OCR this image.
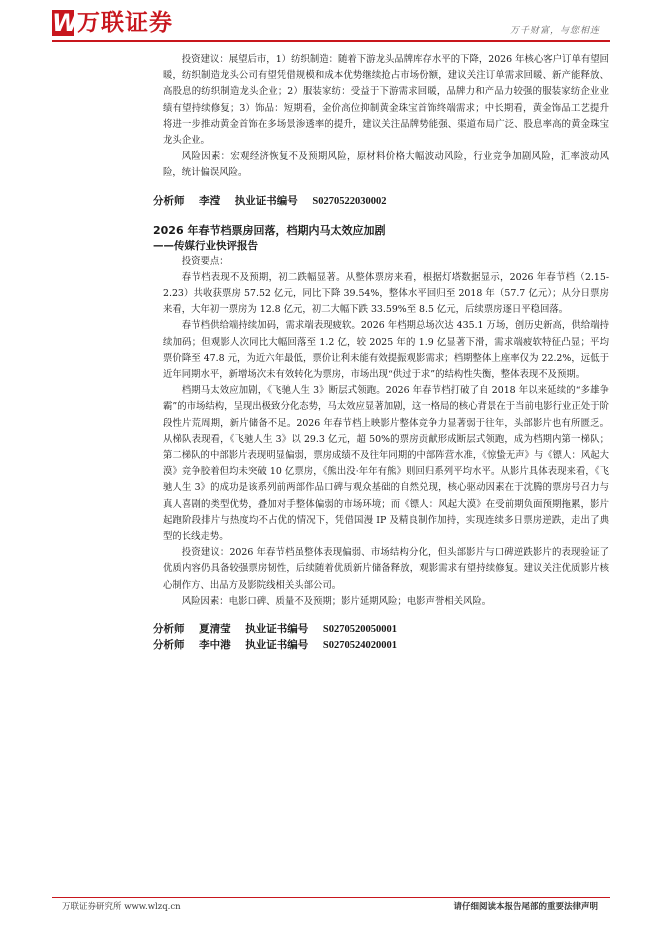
W
万联证券	万千财富，与您相连

投资建议：展望后市，1）纺织制造：随着下游龙头品牌库存水平的下降，2026 年核心客户订单有望回暖，纺织制造龙头公司有望凭借规模和成本优势继续抢占市场份额，建议关注订单需求回暖、新产能释放、高股息的纺织制造龙头企业；2）服装家纺：受益于下游需求回暖，品牌力和产品力较强的服装家纺企业业绩有望持续修复；3）饰品：短期看，金价高位抑制黄金珠宝首饰终端需求；中长期看，黄金饰品工艺提升将进一步推动黄金首饰在多场景渗透率的提升，建议关注品牌势能强、渠道布局广泛、股息率高的黄金珠宝龙头企业。

风险因素：宏观经济恢复不及预期风险，原材料价格大幅波动风险，行业竞争加剧风险，汇率波动风险，统计偏误风险。

分析师 李滢 执业证书编号 S0270522030002

2026 年春节档票房回落，档期内马太效应加剧

——传媒行业快评报告

投资要点：

春节档表现不及预期，初二跌幅显著。从整体票房来看，根据灯塔数据显示，2026 年春节档（2.15-2.23）共收获票房 57.52 亿元，同比下降 39.54%，整体水平回归至 2018 年（57.7 亿元）；从分日票房来看，大年初一票房为 12.8 亿元，初二大幅下跌 33.59%至 8.5 亿元，后续票房逐日平稳回落。

春节档供给端持续加码，需求端表现疲软。2026 年档期总场次达 435.1 万场，创历史新高，供给端持续加码；但观影人次同比大幅回落至 1.2 亿，较 2025 年的 1.9 亿显著下滑，需求端疲软特征凸显；平均票价降至 47.8 元，为近六年最低，票价让利未能有效提振观影需求；档期整体上座率仅为 22.2%，远低于近年同期水平，新增场次未有效转化为票房，市场出现“供过于求”的结构性失衡，整体表现不及预期。

档期马太效应加剧，《飞驰人生 3》断层式领跑。2026 年春节档打破了自 2018 年以来延续的“多雄争霸”的市场结构，呈现出极致分化态势，马太效应显著加剧，这一格局的核心背景在于当前电影行业正处于阶段性片荒周期，新片储备不足。2026 年春节档上映影片整体竞争力显著弱于往年，头部影片也有所匮乏。从梯队表现看，《飞驰人生 3》以 29.3 亿元，超 50%的票房贡献形成断层式领跑，成为档期内第一梯队；第二梯队的中部影片表现明显偏弱，票房成绩不及往年同期的中部阵营水准，《惊蛰无声》与《镖人：风起大漠》竞争胶着但均未突破 10 亿票房，《熊出没·年年有熊》则回归系列平均水平。从影片具体表现来看，《飞驰人生 3》的成功是该系列前两部作品口碑与观众基础的自然兑现，核心驱动因素在于沈腾的票房号召力与真人喜剧的类型优势，叠加对手整体偏弱的市场环境；而《镖人：风起大漠》在受前期负面预期拖累，影片起跑阶段排片与热度均不占优的情况下，凭借国漫 IP 及精良制作加持，实现连续多日票房逆跌，走出了典型的长线走势。

投资建议：2026 年春节档虽整体表现偏弱、市场结构分化，但头部影片与口碑逆跌影片的表现验证了优质内容仍具备较强票房韧性，后续随着优质新片储备释放，观影需求有望持续修复。建议关注优质影片核心制作方、出品方及影院线相关头部公司。

风险因素：电影口碑、质量不及预期；影片延期风险；电影声誉相关风险。

分析师 夏清莹 执业证书编号 S0270520050001

分析师 李中港 执业证书编号 S0270524020001

万联证券研究所 www.wlzq.cn	请仔细阅读本报告尾部的重要法律声明
